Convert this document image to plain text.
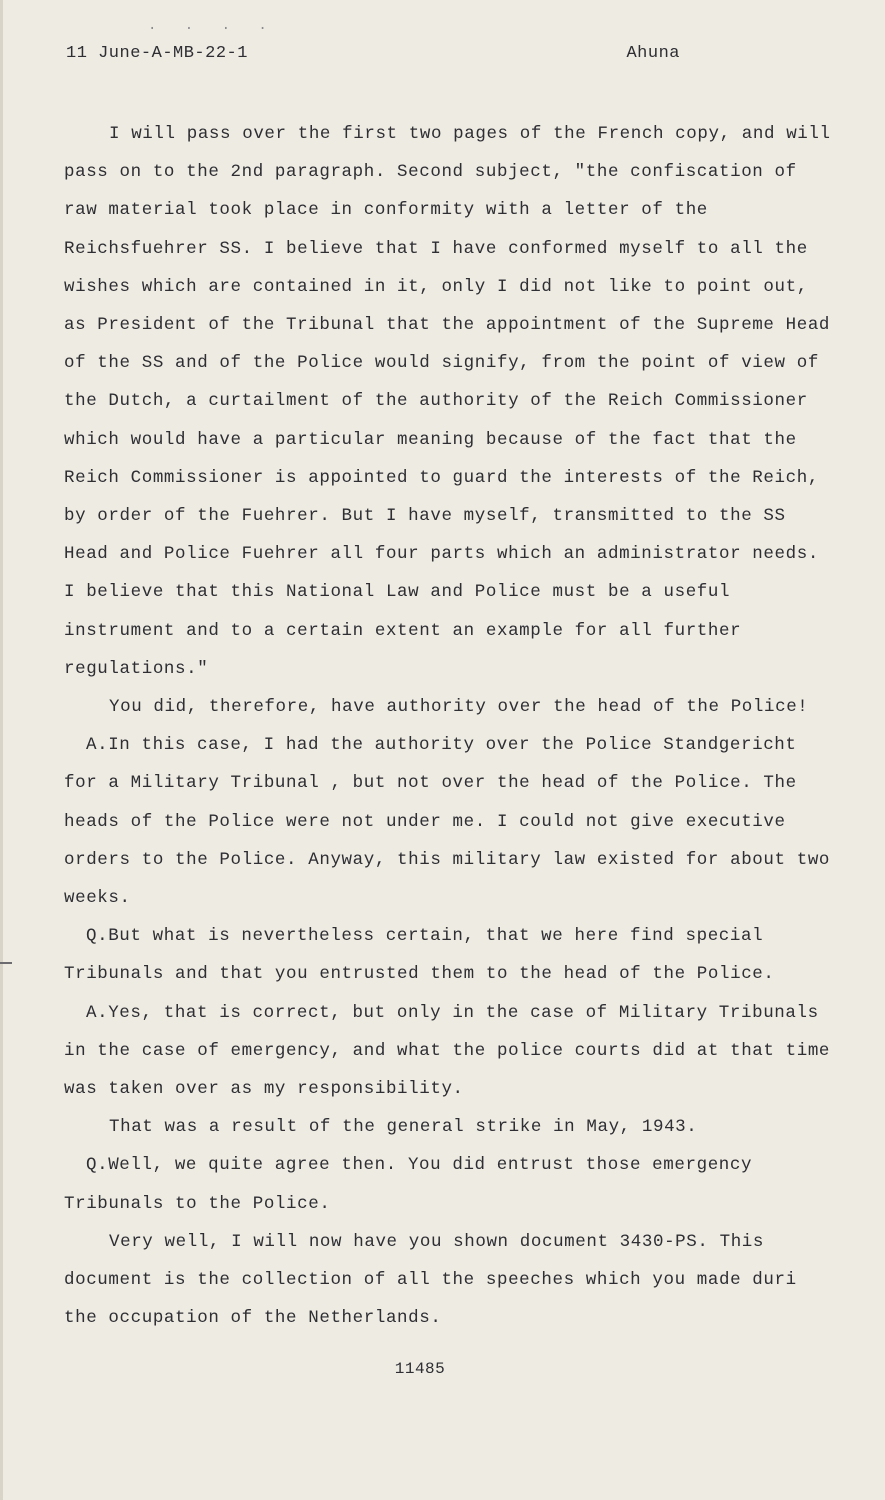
. . . .
11 June-A-MB-22-1	Ahuna

I will pass over the first two pages of the French copy, and will pass on to the 2nd paragraph. Second subject, "the confiscation of raw material took place in conformity with a letter of the Reichsfuehrer SS. I believe that I have conformed myself to all the wishes which are contained in it, only I did not like to point out, as President of the Tribunal that the appointment of the Supreme Head of the SS and of the Police would signify, from the point of view of the Dutch, a curtailment of the authority of the Reich Commissioner which would have a particular meaning because of the fact that the Reich Commissioner is appointed to guard the interests of the Reich, by order of the Fuehrer. But I have myself, transmitted to the SS Head and Police Fuehrer all four parts which an administrator needs. I believe that this National Law and Police must be a useful instrument and to a certain extent an example for all further regulations."

You did, therefore, have authority over the head of the Police!

A.In this case, I had the authority over the Police Standgericht for a Military Tribunal , but not over the head of the Police. The heads of the Police were not under me. I could not give executive orders to the Police. Anyway, this military law existed for about two weeks.

Q.But what is nevertheless certain, that we here find special Tribunals and that you entrusted them to the head of the Police.

A.Yes, that is correct, but only in the case of Military Tribunals in the case of emergency, and what the police courts did at that time was taken over as my responsibility.

That was a result of the general strike in May, 1943.

Q.Well, we quite agree then. You did entrust those emergency Tribunals to the Police.

Very well, I will now have you shown document 3430-PS. This document is the collection of all the speeches which you made duri the occupation of the Netherlands.

11485
